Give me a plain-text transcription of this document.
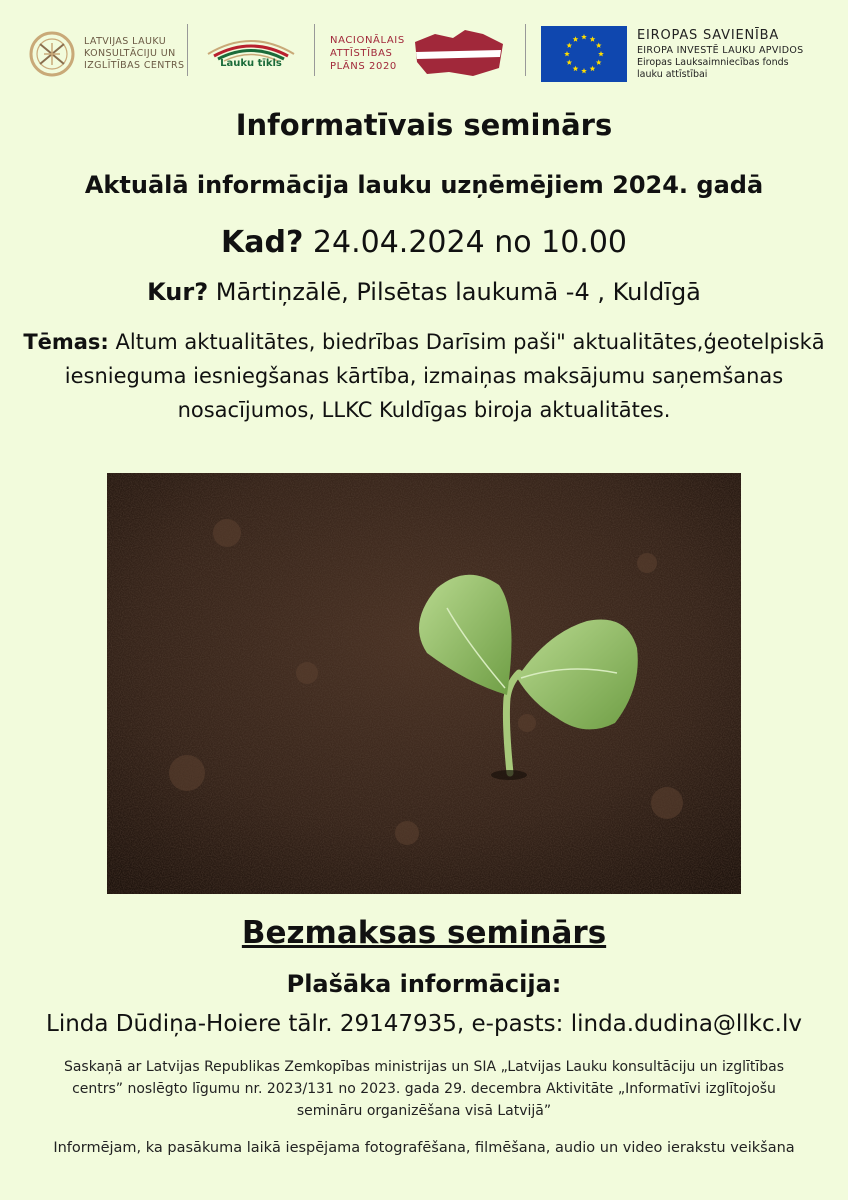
LATVIJAS LAUKU
KONSULTĀCIJU UN
IZGLĪTĪBAS CENTRS	Lauku tīkls
NACIONĀLAIS
ATTĪSTĪBAS
PLĀNS 2020
EIROPAS SAVIENĪBA
EIROPA INVESTĒ LAUKU APVIDOS
Eiropas Lauksaimniecības fonds
lauku attīstībai
Informatīvais seminārs
Aktuālā informācija lauku uzņēmējiem 2024. gadā
Kad? 24.04.2024 no 10.00
Kur? Mārtiņzālē, Pilsētas laukumā -4 , Kuldīgā
Tēmas: Altum aktualitātes, biedrības Darīsim paši" aktualitātes,ģeotelpiskā iesnieguma iesniegšanas kārtība, izmaiņas maksājumu saņemšanas nosacījumos, LLKC Kuldīgas biroja aktualitātes.
Bezmaksas seminārs
Plašāka informācija:
Linda Dūdiņa-Hoiere tālr. 29147935, e-pasts: linda.dudina@llkc.lv
Saskaņā ar Latvijas Republikas Zemkopības ministrijas un SIA „Latvijas Lauku konsultāciju un izglītības centrs” noslēgto līgumu nr. 2023/131 no 2023. gada 29. decembra Aktivitāte „Informatīvi izglītojošu semināru organizēšana visā Latvijā”
Informējam, ka pasākuma laikā iespējama fotografēšana, filmēšana, audio un video ierakstu veikšana
